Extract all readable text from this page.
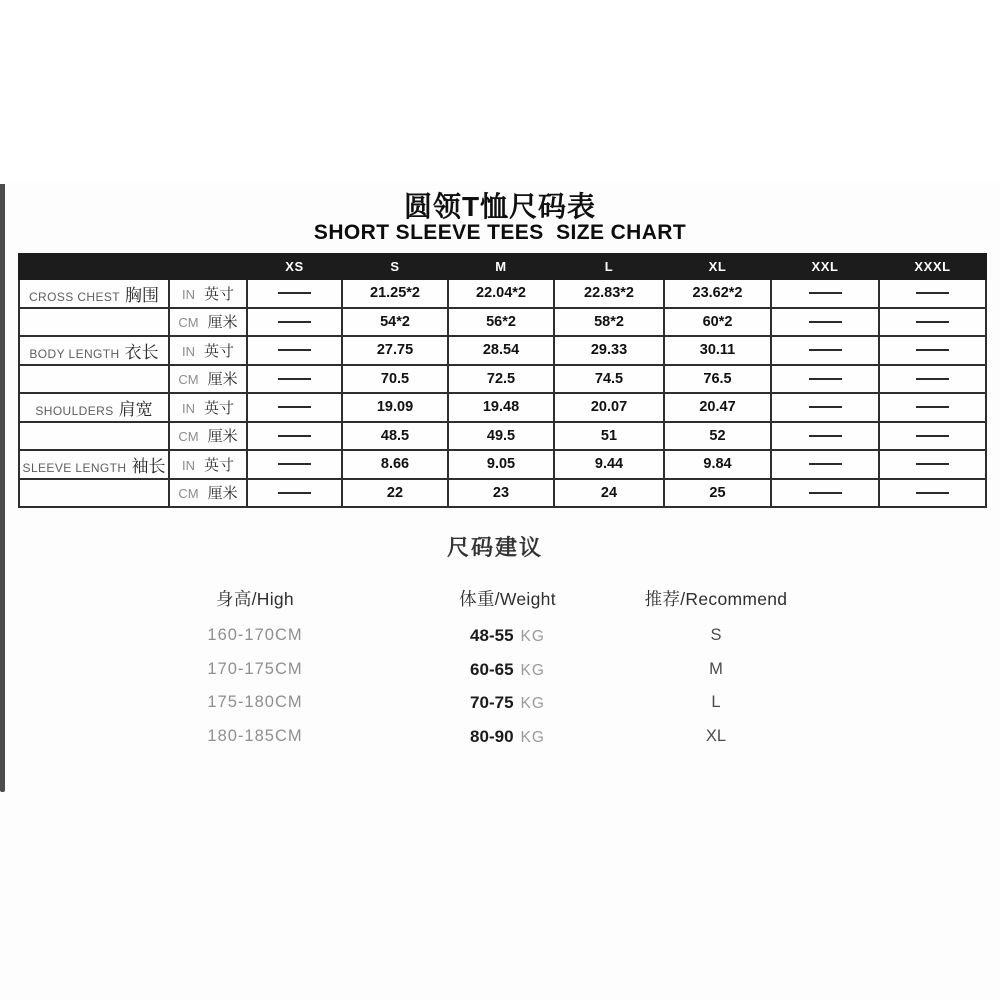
圆领T恤尺码表
SHORT SLEEVE TEES  SIZE CHART
		XS	S	M	L	XL	XXL	XXXL
CROSS CHEST 胸围	IN 英寸		21.25*2	22.04*2	22.83*2	23.62*2		
	CM 厘米		54*2	56*2	58*2	60*2		
BODY LENGTH 衣长	IN 英寸		27.75	28.54	29.33	30.11		
	CM 厘米		70.5	72.5	74.5	76.5		
SHOULDERS 肩宽	IN 英寸		19.09	19.48	20.07	20.47		
	CM 厘米		48.5	49.5	51	52		
SLEEVE LENGTH 袖长	IN 英寸		8.66	9.05	9.44	9.84		
	CM 厘米		22	23	24	25		
尺码建议
身高/High	体重/Weight	推荐/Recommend
160-170CM	48-55 KG	S
170-175CM	60-65 KG	M
175-180CM	70-75 KG	L
180-185CM	80-90 KG	XL
